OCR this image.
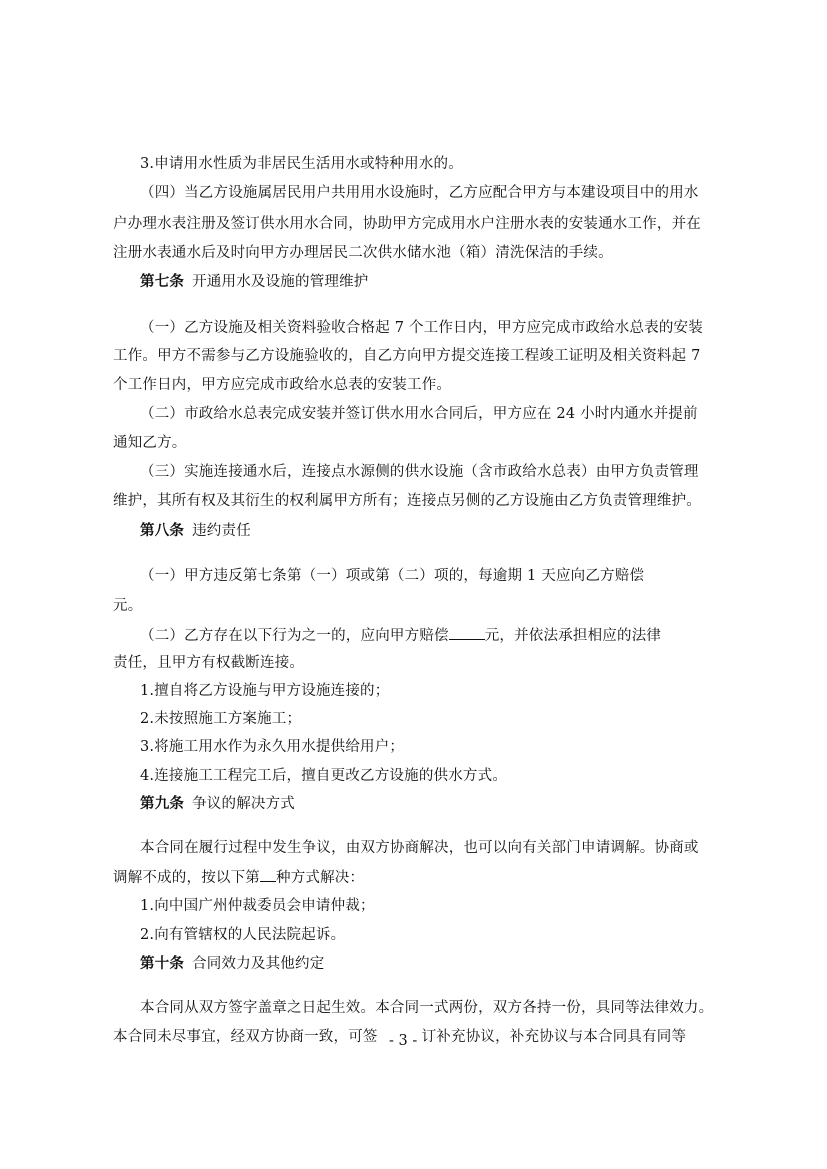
3.申请用水性质为非居民生活用水或特种用水的。
（四）当乙方设施属居民用户共用用水设施时，乙方应配合甲方与本建设项目中的用水
户办理水表注册及签订供水用水合同，协助甲方完成用水户注册水表的安装通水工作，并在
注册水表通水后及时向甲方办理居民二次供水储水池（箱）清洗保洁的手续。
第七条 开通用水及设施的管理维护
（一）乙方设施及相关资料验收合格起 7 个工作日内，甲方应完成市政给水总表的安装
工作。甲方不需参与乙方设施验收的，自乙方向甲方提交连接工程竣工证明及相关资料起 7
个工作日内，甲方应完成市政给水总表的安装工作。
（二）市政给水总表完成安装并签订供水用水合同后，甲方应在 24 小时内通水并提前
通知乙方。
（三）实施连接通水后，连接点水源侧的供水设施（含市政给水总表）由甲方负责管理
维护，其所有权及其衍生的权利属甲方所有；连接点另侧的乙方设施由乙方负责管理维护。
第八条 违约责任
（一）甲方违反第七条第（一）项或第（二）项的，每逾期 1 天应向乙方赔偿
元。
（二）乙方存在以下行为之一的，应向甲方赔偿 元，并依法承担相应的法律
责任，且甲方有权截断连接。
1.擅自将乙方设施与甲方设施连接的；
2.未按照施工方案施工；
3.将施工用水作为永久用水提供给用户；
4.连接施工工程完工后，擅自更改乙方设施的供水方式。
第九条 争议的解决方式
本合同在履行过程中发生争议，由双方协商解决，也可以向有关部门申请调解。协商或
调解不成的，按以下第 种方式解决：
1.向中国广州仲裁委员会申请仲裁；
2.向有管辖权的人民法院起诉。
第十条 合同效力及其他约定
本合同从双方签字盖章之日起生效。本合同一式两份，双方各持一份，具同等法律效力。
本合同未尽事宜，经双方协商一致，可签	订补充协议，补充协议与本合同具有同等
- 3 -
